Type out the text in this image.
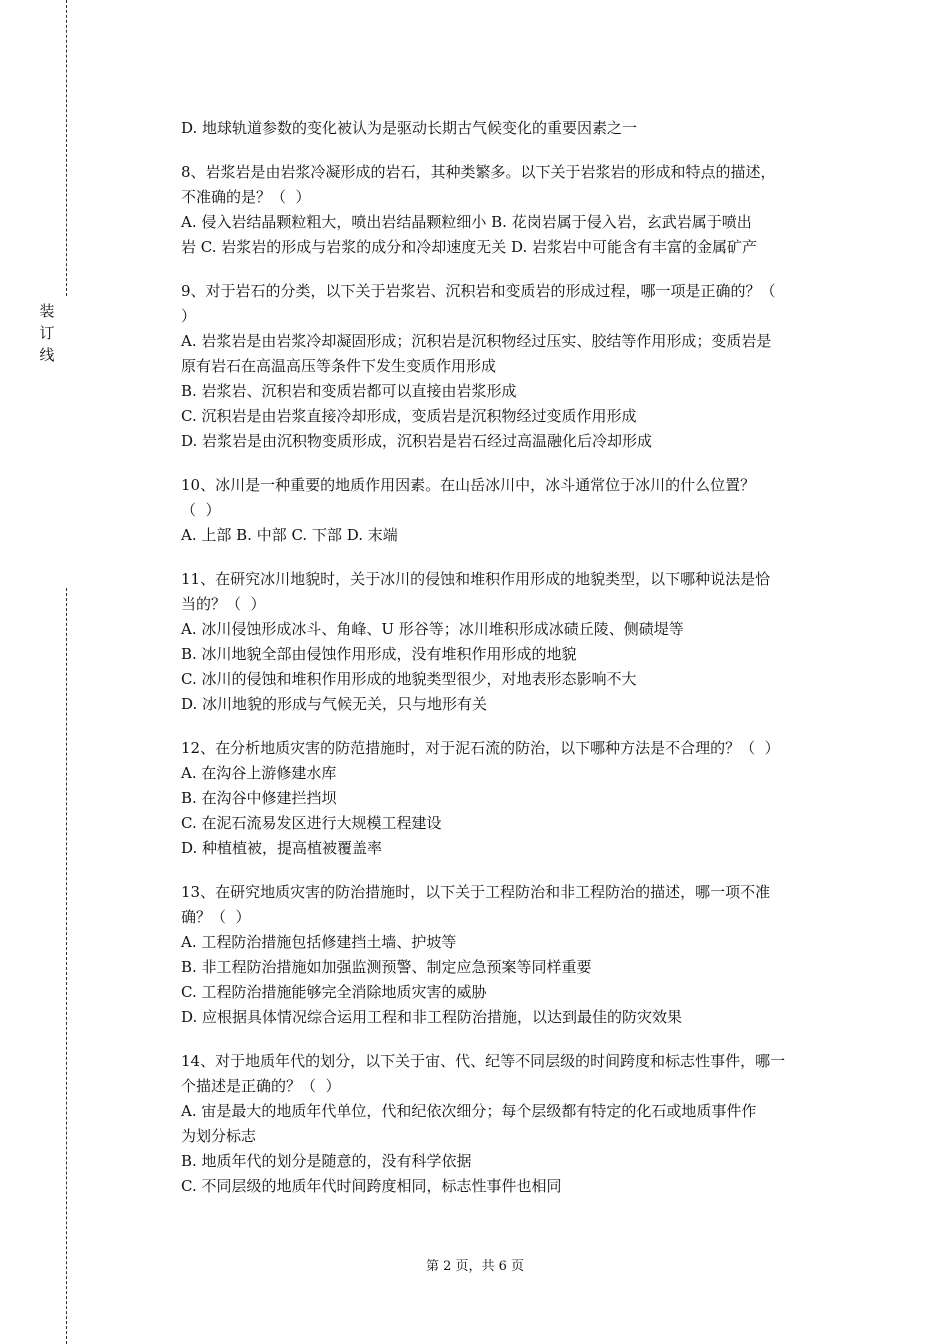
装
订
线
D. 地球轨道参数的变化被认为是驱动长期古气候变化的重要因素之一
8、岩浆岩是由岩浆冷凝形成的岩石，其种类繁多。以下关于岩浆岩的形成和特点的描述，
不准确的是？（  ）
A. 侵入岩结晶颗粒粗大，喷出岩结晶颗粒细小 B. 花岗岩属于侵入岩，玄武岩属于喷出
岩 C. 岩浆岩的形成与岩浆的成分和冷却速度无关 D. 岩浆岩中可能含有丰富的金属矿产
9、对于岩石的分类，以下关于岩浆岩、沉积岩和变质岩的形成过程，哪一项是正确的？（
）
A. 岩浆岩是由岩浆冷却凝固形成；沉积岩是沉积物经过压实、胶结等作用形成；变质岩是
原有岩石在高温高压等条件下发生变质作用形成
B. 岩浆岩、沉积岩和变质岩都可以直接由岩浆形成
C. 沉积岩是由岩浆直接冷却形成，变质岩是沉积物经过变质作用形成
D. 岩浆岩是由沉积物变质形成，沉积岩是岩石经过高温融化后冷却形成
10、冰川是一种重要的地质作用因素。在山岳冰川中，冰斗通常位于冰川的什么位置？
（  ）
A. 上部 B. 中部 C. 下部 D. 末端
11、在研究冰川地貌时，关于冰川的侵蚀和堆积作用形成的地貌类型，以下哪种说法是恰
当的？（  ）
A. 冰川侵蚀形成冰斗、角峰、U 形谷等；冰川堆积形成冰碛丘陵、侧碛堤等
B. 冰川地貌全部由侵蚀作用形成，没有堆积作用形成的地貌
C. 冰川的侵蚀和堆积作用形成的地貌类型很少，对地表形态影响不大
D. 冰川地貌的形成与气候无关，只与地形有关
12、在分析地质灾害的防范措施时，对于泥石流的防治，以下哪种方法是不合理的？（  ）
A. 在沟谷上游修建水库
B. 在沟谷中修建拦挡坝
C. 在泥石流易发区进行大规模工程建设
D. 种植植被，提高植被覆盖率
13、在研究地质灾害的防治措施时，以下关于工程防治和非工程防治的描述，哪一项不准
确？（  ）
A. 工程防治措施包括修建挡土墙、护坡等
B. 非工程防治措施如加强监测预警、制定应急预案等同样重要
C. 工程防治措施能够完全消除地质灾害的威胁
D. 应根据具体情况综合运用工程和非工程防治措施，以达到最佳的防灾效果
14、对于地质年代的划分，以下关于宙、代、纪等不同层级的时间跨度和标志性事件，哪一
个描述是正确的？（  ）
A. 宙是最大的地质年代单位，代和纪依次细分；每个层级都有特定的化石或地质事件作
为划分标志
B. 地质年代的划分是随意的，没有科学依据
C. 不同层级的地质年代时间跨度相同，标志性事件也相同
第 2 页，共 6 页
